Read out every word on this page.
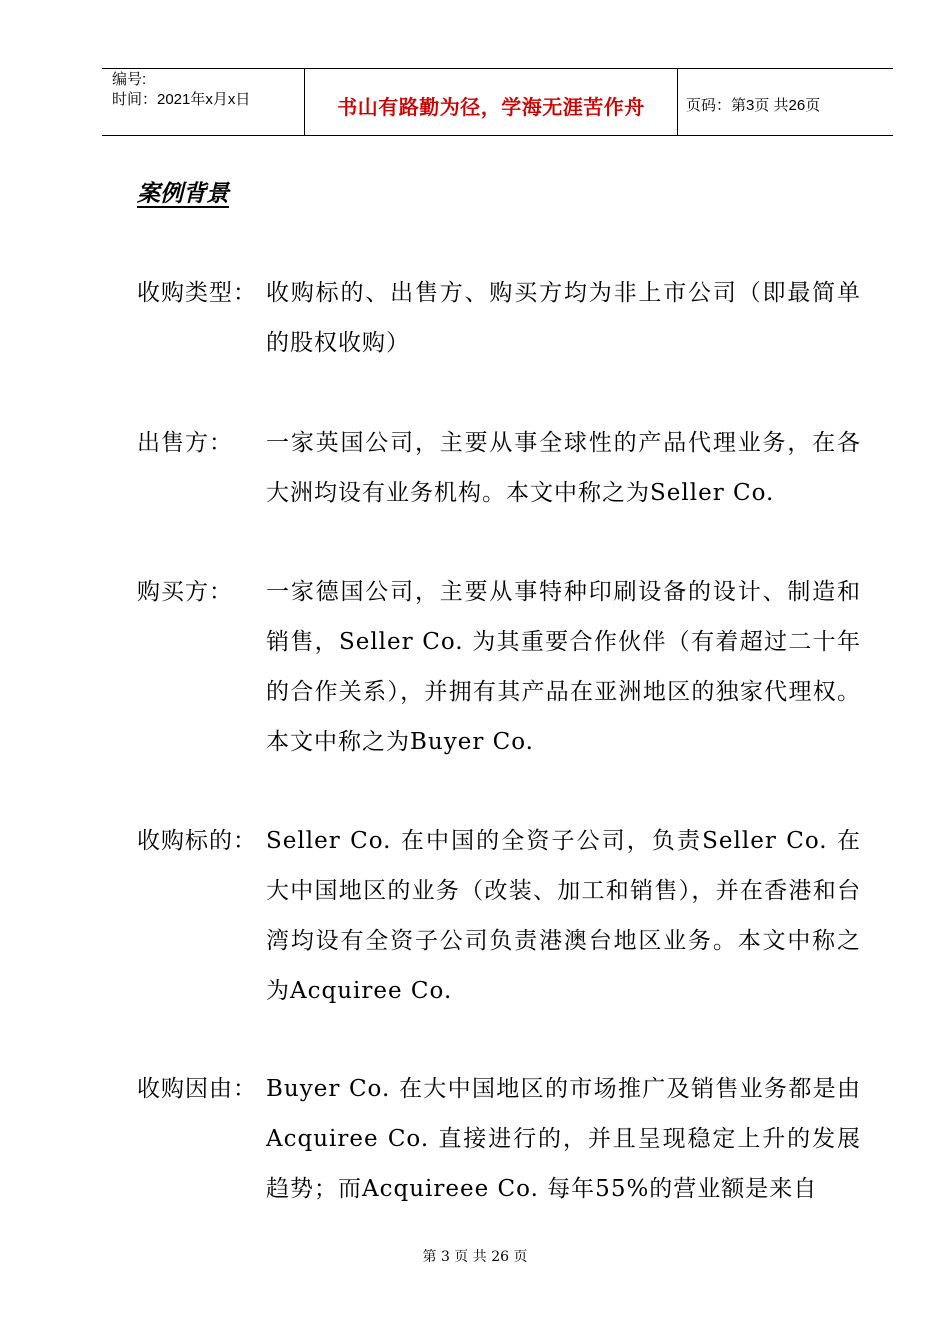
编号:
时间：2021年x月x日	书山有路勤为径，学海无涯苦作舟	页码：第3页 共26页
案例背景
收购类型： 收购标的、出售方、购买方均为非上市公司（即最简单的股权收购）
出售方： 一家英国公司，主要从事全球性的产品代理业务，在各大洲均设有业务机构。本文中称之为Seller Co.
购买方： 一家德国公司，主要从事特种印刷设备的设计、制造和销售，Seller Co. 为其重要合作伙伴（有着超过二十年的合作关系），并拥有其产品在亚洲地区的独家代理权。本文中称之为Buyer Co.
收购标的： Seller Co. 在中国的全资子公司，负责Seller Co. 在大中国地区的业务（改装、加工和销售），并在香港和台湾均设有全资子公司负责港澳台地区业务。本文中称之为Acquiree Co.
收购因由： Buyer Co. 在大中国地区的市场推广及销售业务都是由Acquiree Co. 直接进行的，并且呈现稳定上升的发展趋势；而Acquireee Co. 每年55%的营业额是来自
第 3 页 共 26 页
